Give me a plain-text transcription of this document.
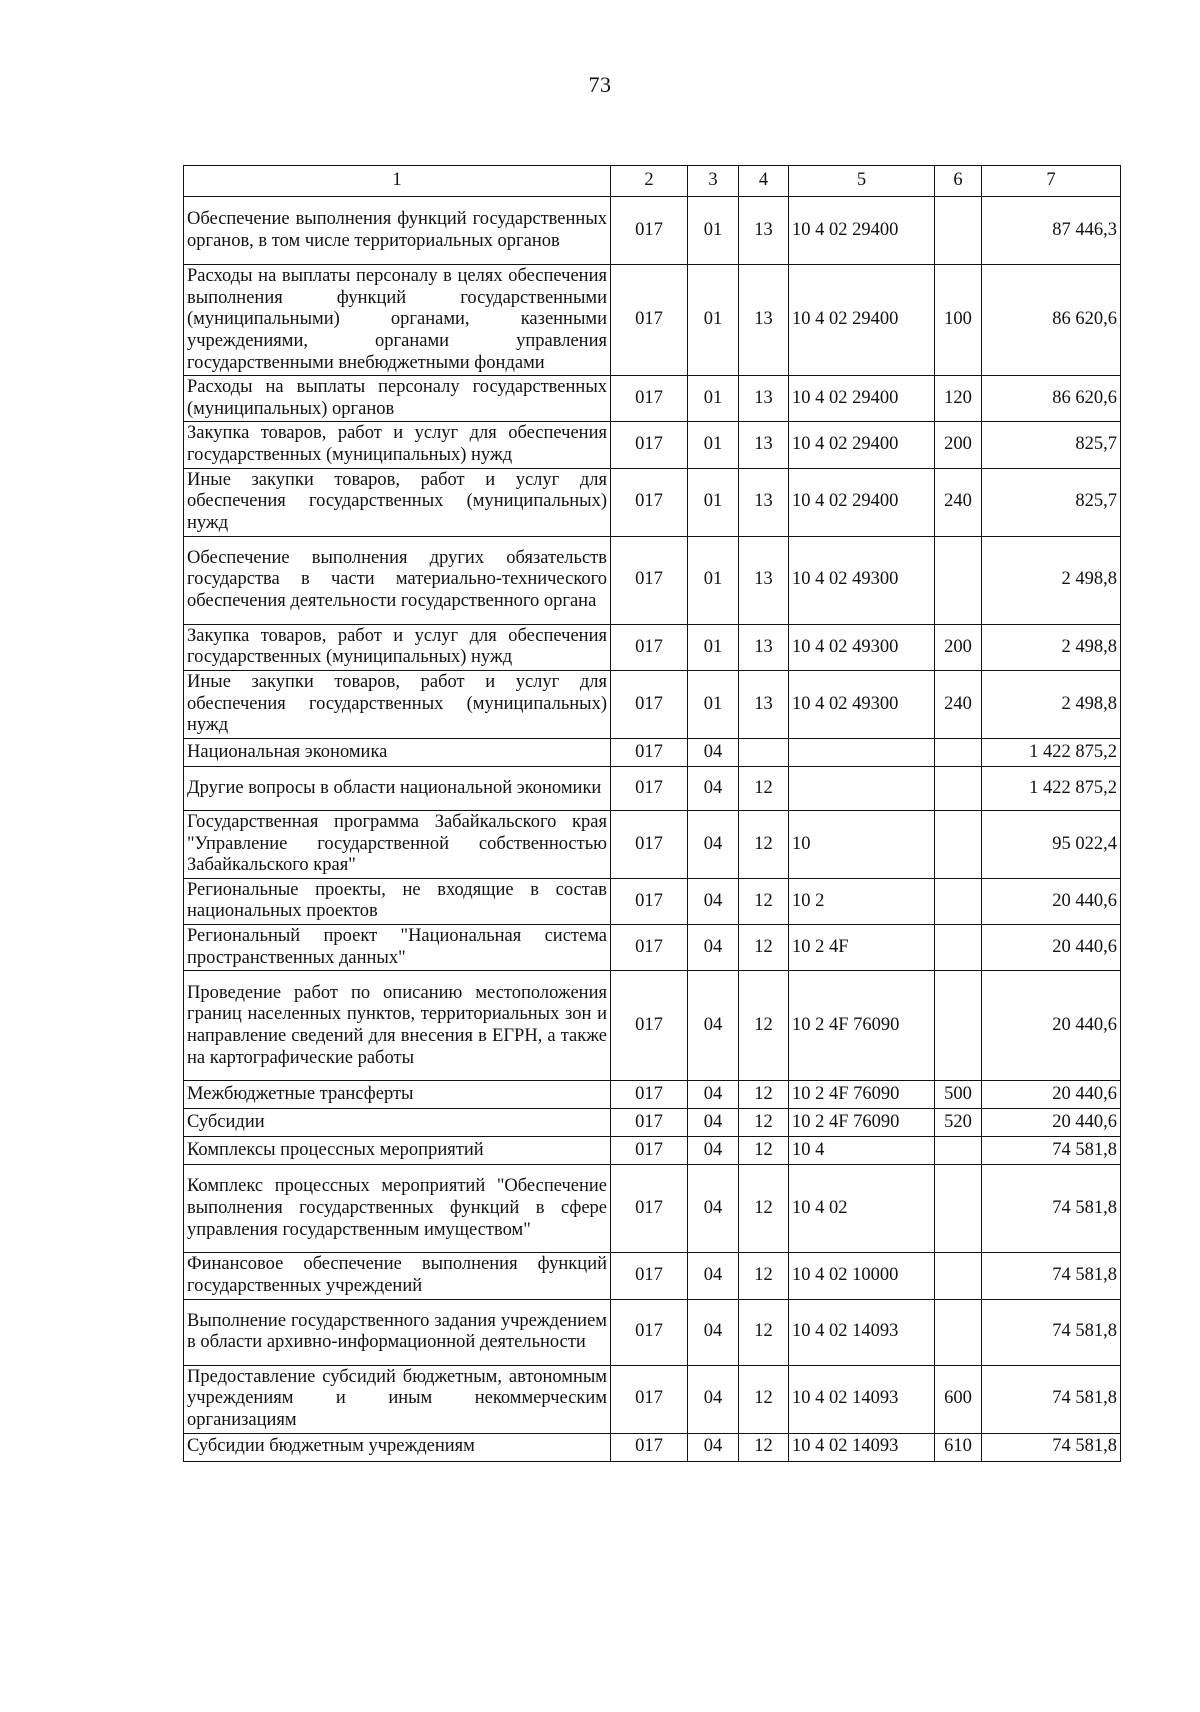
73
1	2	3	4	5	6	7
Обеспечение выполнения функций государственных органов, в том числе территориальных органов	017	01	13	10 4 02 29400		87 446,3
Расходы на выплаты персоналу в целях обеспечения выполнения функций государственными (муниципальными) органами, казенными учреждениями, органами управления государственными внебюджетными фондами	017	01	13	10 4 02 29400	100	86 620,6
Расходы на выплаты персоналу государственных (муниципальных) органов	017	01	13	10 4 02 29400	120	86 620,6
Закупка товаров, работ и услуг для обеспечения государственных (муниципальных) нужд	017	01	13	10 4 02 29400	200	825,7
Иные закупки товаров, работ и услуг для обеспечения государственных (муниципальных) нужд	017	01	13	10 4 02 29400	240	825,7
Обеспечение выполнения других обязательств государства в части материально-технического обеспечения деятельности государственного органа	017	01	13	10 4 02 49300		2 498,8
Закупка товаров, работ и услуг для обеспечения государственных (муниципальных) нужд	017	01	13	10 4 02 49300	200	2 498,8
Иные закупки товаров, работ и услуг для обеспечения государственных (муниципальных) нужд	017	01	13	10 4 02 49300	240	2 498,8
Национальная экономика	017	04				1 422 875,2
Другие вопросы в области национальной экономики	017	04	12			1 422 875,2
Государственная программа Забайкальского края "Управление государственной собственностью Забайкальского края"	017	04	12	10		95 022,4
Региональные проекты, не входящие в состав национальных проектов	017	04	12	10 2		20 440,6
Региональный проект "Национальная система пространственных данных"	017	04	12	10 2 4F		20 440,6
Проведение работ по описанию местоположения границ населенных пунктов, территориальных зон и направление сведений для внесения в ЕГРН, а также на картографические работы	017	04	12	10 2 4F 76090		20 440,6
Межбюджетные трансферты	017	04	12	10 2 4F 76090	500	20 440,6
Субсидии	017	04	12	10 2 4F 76090	520	20 440,6
Комплексы процессных мероприятий	017	04	12	10 4		74 581,8
Комплекс процессных мероприятий "Обеспечение выполнения государственных функций в сфере управления государственным имуществом"	017	04	12	10 4 02		74 581,8
Финансовое обеспечение выполнения функций государственных учреждений	017	04	12	10 4 02 10000		74 581,8
Выполнение государственного задания учреждением в области архивно-информационной деятельности	017	04	12	10 4 02 14093		74 581,8
Предоставление субсидий бюджетным, автономным учреждениям и иным некоммерческим организациям	017	04	12	10 4 02 14093	600	74 581,8
Субсидии бюджетным учреждениям	017	04	12	10 4 02 14093	610	74 581,8
